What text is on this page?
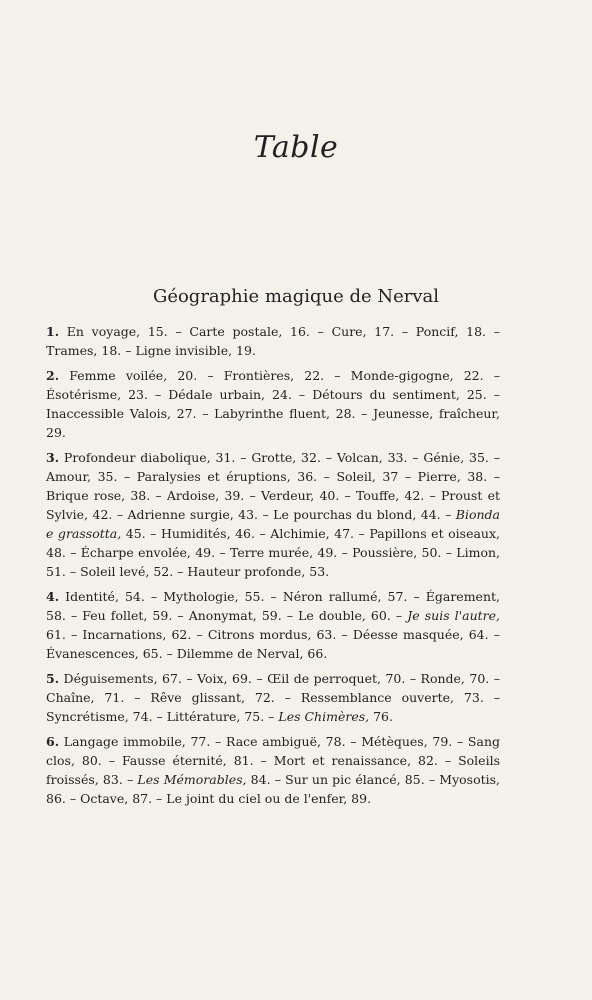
Table
Géographie magique de Nerval

1. En voyage, 15. – Carte postale, 16. – Cure, 17. – Poncif, 18. – Trames, 18. – Ligne invisible, 19.

2. Femme voilée, 20. – Frontières, 22. – Monde-gigogne, 22. – Ésotérisme, 23. – Dédale urbain, 24. – Détours du sentiment, 25. – Inaccessible Valois, 27. – Labyrinthe fluent, 28. – Jeunesse, fraîcheur, 29.

3. Profondeur diabolique, 31. – Grotte, 32. – Volcan, 33. – Génie, 35. – Amour, 35. – Paralysies et éruptions, 36. – Soleil, 37 – Pierre, 38. – Brique rose, 38. – Ardoise, 39. – Verdeur, 40. – Touffe, 42. – Proust et Sylvie, 42. – Adrienne surgie, 43. – Le pourchas du blond, 44. – Bionda e grassotta, 45. – Humidités, 46. – Alchimie, 47. – Papillons et oiseaux, 48. – Écharpe envolée, 49. – Terre murée, 49. – Poussière, 50. – Limon, 51. – Soleil levé, 52. – Hauteur profonde, 53.

4. Identité, 54. – Mythologie, 55. – Néron rallumé, 57. – Égarement, 58. – Feu follet, 59. – Anonymat, 59. – Le double, 60. – Je suis l'autre, 61. – Incarnations, 62. – Citrons mordus, 63. – Déesse masquée, 64. – Évanescences, 65. – Dilemme de Nerval, 66.

5. Déguisements, 67. – Voix, 69. – Œil de perroquet, 70. – Ronde, 70. – Chaîne, 71. – Rêve glissant, 72. – Ressemblance ouverte, 73. – Syncrétisme, 74. – Littérature, 75. – Les Chimères, 76.

6. Langage immobile, 77. – Race ambiguë, 78. – Métèques, 79. – Sang clos, 80. – Fausse éternité, 81. – Mort et renaissance, 82. – Soleils froissés, 83. – Les Mémorables, 84. – Sur un pic élancé, 85. – Myosotis, 86. – Octave, 87. – Le joint du ciel ou de l'enfer, 89.
